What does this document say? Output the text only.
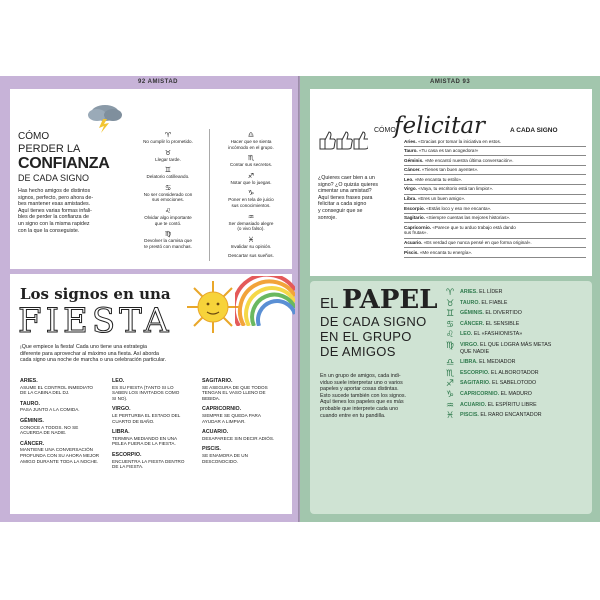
92 AMISTAD
CÓMO
PERDER LA
CONFIANZA
DE CADA SIGNO
Has hecho amigos de distintos
signos, perfecto, pero ahora de-
bes mantener esas amistades.
Aquí tienes varias formas infali-
bles de perder la confianza de
un signo con la misma rapidez
con la que la conseguiste.
♈
No cumplir lo prometido.
♉
Llegar tarde.
♊
Delatorio cotilleando.
♋
No ser considerado con
sus emociones.
♌
Olvidar algo importante
que te contó.
♍
Devolver la camisa que
te prestó con manchas.
♎
Hacer que se sienta
incómodo en el grupo.
♏
Contar sus secretos.
♐
Notar que lo juegas.
♑
Poner en tela de juicio
sus conocimientos.
♒
Ser demasiado alegre
(o vivo falso).
♓
Invalidar su opinión.
Descartar sus sueños.
Los signos en una
FIESTA
¡Que empiece la fiesta! Cada uno tiene una estrategia
diferente para aprovechar al máximo una fiesta. Así aborda
cada signo una noche de marcha o una celebración particular.
ARIES.
ASUME EL CONTROL INMEDIATO
DE LA CABINA DEL DJ.
TAURO.
PASA JUNTO A LA COMIDA.
GÉMINIS.
CONOCE A TODOS. NO SE
ACUERDA DE NADIE.
CÁNCER.
MANTIENE UNA CONVERSACIÓN
PROFUNDA CON SU AHORA MEJOR
AMIGO DURANTE TODA LA NOCHE.
LEO.
ES SU FIESTA (TANTO SI LO
SABEN LOS INVITADOS COMO
SI NO).
VIRGO.
LE PERTURBA EL ESTADO DEL
CUARTO DE BAÑO.
LIBRA.
TERMINA MEDIANDO EN UNA
PELEA FUERA DE LA FIESTA.
ESCORPIO.
ENCUENTRA LA FIESTA DENTRO
DE LA FIESTA.
SAGITARIO.
SE ASEGURA DE QUE TODOS
TENGAN EL VASO LLENO DE
BEBIDA.
CAPRICORNIO.
SIEMPRE SE QUEDA PARA
AYUDAR A LIMPIAR.
ACUARIO.
DESAPARECE SIN DECIR ADIÓS.
PISCIS.
SE ENAMORA DE UN
DESCONOCIDO.
AMISTAD 93
CÓMO
felicitar	A CADA SIGNO
¿Quieres caer bien a un
signo? ¿O quizás quieres
cimentar una amistad?
Aquí tienes frases para
felicitar a cada signo
y conseguir que se
sonroje.
Aries. «Gracias por tomar la iniciativa en estos.
Tauro. «Tu casa es tan acogedora!»
Géminis. «Me encantó nuestra última conversación».
Cáncer. «Tienes tan buen ayentes».
Leo. «Me encanta tu estilo».
Virgo. «Vaya, tu escritorio está tan limpio!».
Libra. «Eres un buen amigo».
Escorpio. «Estás loco y eso me encanta».
Sagitario. «Siempre cuentas las mejores historias».
Capricornio. «Parece que tu arduo trabajo está dando
sus frutas».
Acuario. «Es verdad que nunca pensé en que forma original».
Piscis. «Me encanta tu energía».
EL PAPEL
DE CADA SIGNO
EN EL GRUPO
DE AMIGOS
En un grupo de amigos, cada indi-
viduo suele interpretar uno o varios
papeles y aportar cosas distintas.
Esto sucede también con los signos.
Aquí tienes los papeles que es más
probable que interprete cada uno
cuando entre en tu pandilla.
♈ ARIES. EL LÍDER
♉ TAURO. EL FIABLE
♊ GÉMINIS. EL DIVERTIDO
♋ CÁNCER. EL SENSIBLE
♌ LEO. EL «FASHIONISTA»
♍ VIRGO. EL QUE LOGRA MÁS METAS
QUE NADIE
♎ LIBRA. EL MEDIADOR
♏ ESCORPIO. EL ALBOROTADOR
♐ SAGITARIO. EL SABELOTODO
♑ CAPRICORNIO. EL MADURO
♒ ACUARIO. EL ESPÍRITU LIBRE
♓ PISCIS. EL RARO ENCANTADOR
